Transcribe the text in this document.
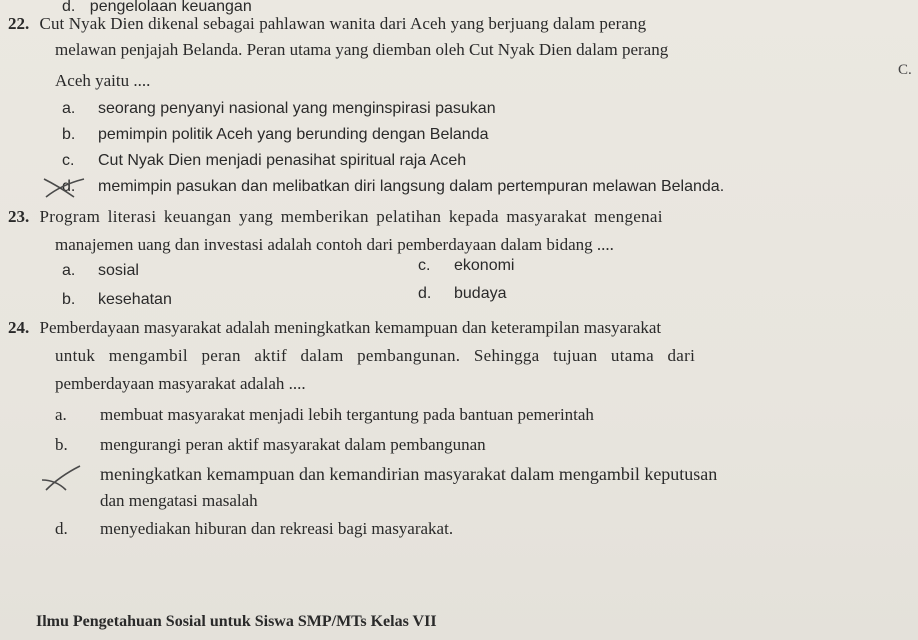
d. pengelolaan keuangan
22. Cut Nyak Dien dikenal sebagai pahlawan wanita dari Aceh yang berjuang dalam perang
melawan penjajah Belanda. Peran utama yang diemban oleh Cut Nyak Dien dalam perang
Aceh yaitu ....
C.
a. seorang penyanyi nasional yang menginspirasi pasukan
b. pemimpin politik Aceh yang berunding dengan Belanda
c. Cut Nyak Dien menjadi penasihat spiritual raja Aceh
d. memimpin pasukan dan melibatkan diri langsung dalam pertempuran melawan Belanda.
23. Program literasi keuangan yang memberikan pelatihan kepada masyarakat mengenai
manajemen uang dan investasi adalah contoh dari pemberdayaan dalam bidang ....
a. sosial	c. ekonomi
b. kesehatan	d. budaya
24. Pemberdayaan masyarakat adalah meningkatkan kemampuan dan keterampilan masyarakat
untuk mengambil peran aktif dalam pembangunan. Sehingga tujuan utama dari
pemberdayaan masyarakat adalah ....
a. membuat masyarakat menjadi lebih tergantung pada bantuan pemerintah
b. mengurangi peran aktif masyarakat dalam pembangunan
meningkatkan kemampuan dan kemandirian masyarakat dalam mengambil keputusan
dan mengatasi masalah
d. menyediakan hiburan dan rekreasi bagi masyarakat.
Ilmu Pengetahuan Sosial untuk Siswa SMP/MTs Kelas VII
